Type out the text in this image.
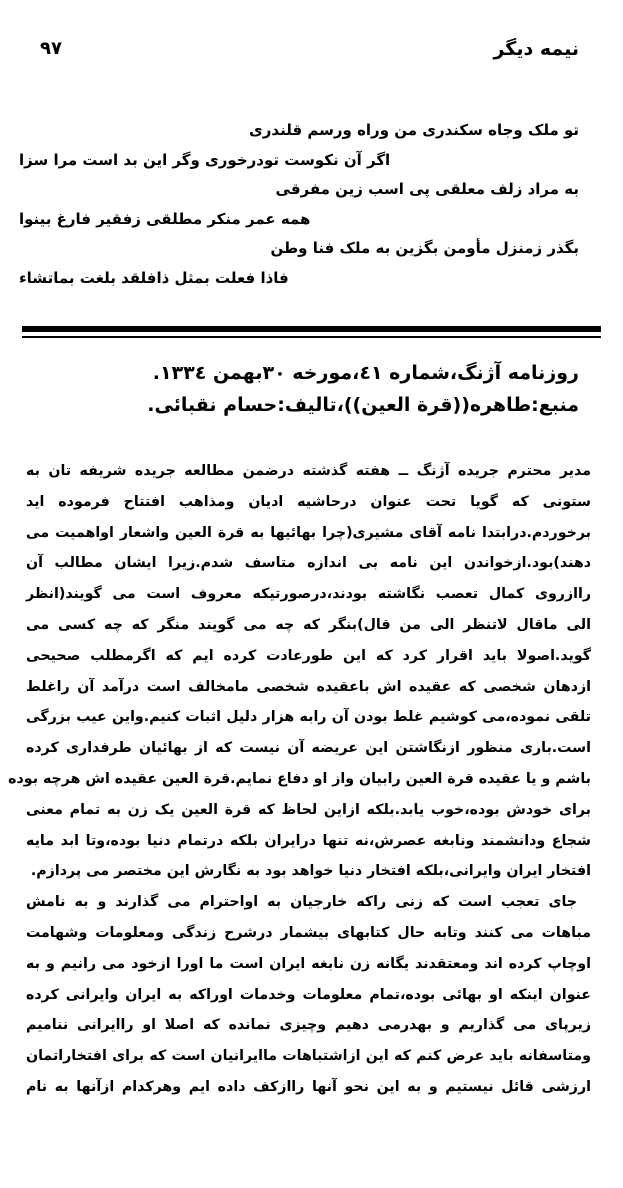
نیمه دیگر
۹۷
تو ملک وجاه سکندری من وراه ورسم قلندری
اگر آن نکوست تودرخوری وگر این بد است مرا سزا
به مراد زلف معلقی پی اسب زین مفرقی
همه عمر منکر مطلقی زفقیر فارغ بینوا
بگذر زمنزل مأومن بگزین به ملک فنا وطن
فاذا فعلت بمثل ذافلقد بلغت بماتشاء
روزنامه آژنگ،شماره ٤١،مورخه ٣٠بهمن ١٣٣٤.
منبع:طاهره((قرة العین))،تالیف:حسام نقبائی.
مدیر محترم جریده آژنگ ــ هفته گذشته درضمن مطالعه جریده شریفه تان به
ستونی که گویا تحت عنوان درحاشیه ادیان ومذاهب افتتاح فرموده اید
برخوردم.درابتدا نامه آقای مشیری(چرا بهائیها به قرة العین واشعار اواهمیت می
دهند)بود.ازخواندن این نامه بی اندازه متاسف شدم.زیرا ایشان مطالب آن
راازروی کمال تعصب نگاشته بودند،درصورتیکه معروف است می گویند(انظر
الی ماقال لاتنظر الی من قال)بنگر که چه می گویند منگر که چه کسی می
گوید.اصولا باید اقرار کرد که این طورعادت کرده ایم که اگرمطلب صحیحی
ازدهان شخصی که عقیده اش باعقیده شخصی مامخالف است درآمد آن راغلط
تلقی نموده،می کوشیم غلط بودن آن رابه هزار دلیل اثبات کنیم.واین عیب بزرگی
است.باری منظور ازنگاشتن این عریضه آن نیست که از بهائیان طرفداری کرده
باشم و یا عقیده قرة العین رابیان واز او دفاع نمایم.قرة العین عقیده اش هرچه بوده
برای خودش بوده،خوب یابد.بلکه ازاین لحاظ که قرة العین یک زن به تمام معنی
شجاع ودانشمند ونابغه عصرش،نه تنها درایران بلکه درتمام دنیا بوده،وتا ابد مایه
افتخار ایران وایرانی،بلکه افتخار دنیا خواهد بود به نگارش این مختصر می پردازم.
جای تعجب است که زنی راکه خارجیان به اواحترام می گذارند و به نامش
مباهات می کنند وتابه حال کتابهای بیشمار درشرح زندگی ومعلومات وشهامت
اوچاپ کرده اند ومعتقدند یگانه زن نابغه ایران است ما اورا ازخود می رانیم و به
عنوان اینکه او بهائی بوده،تمام معلومات وخدمات اوراکه به ایران وایرانی کرده
زیرپای می گذاریم و بهدرمی دهیم وچیزی نمانده که اصلا او راایرانی ننامیم
ومتاسفانه باید عرض کنم که این ازاشتباهات ماایرانیان است که برای افتخاراتمان
ارزشی قائل نیستیم و به این نحو آنها راازکف داده ایم وهرکدام ازآنها به نام
